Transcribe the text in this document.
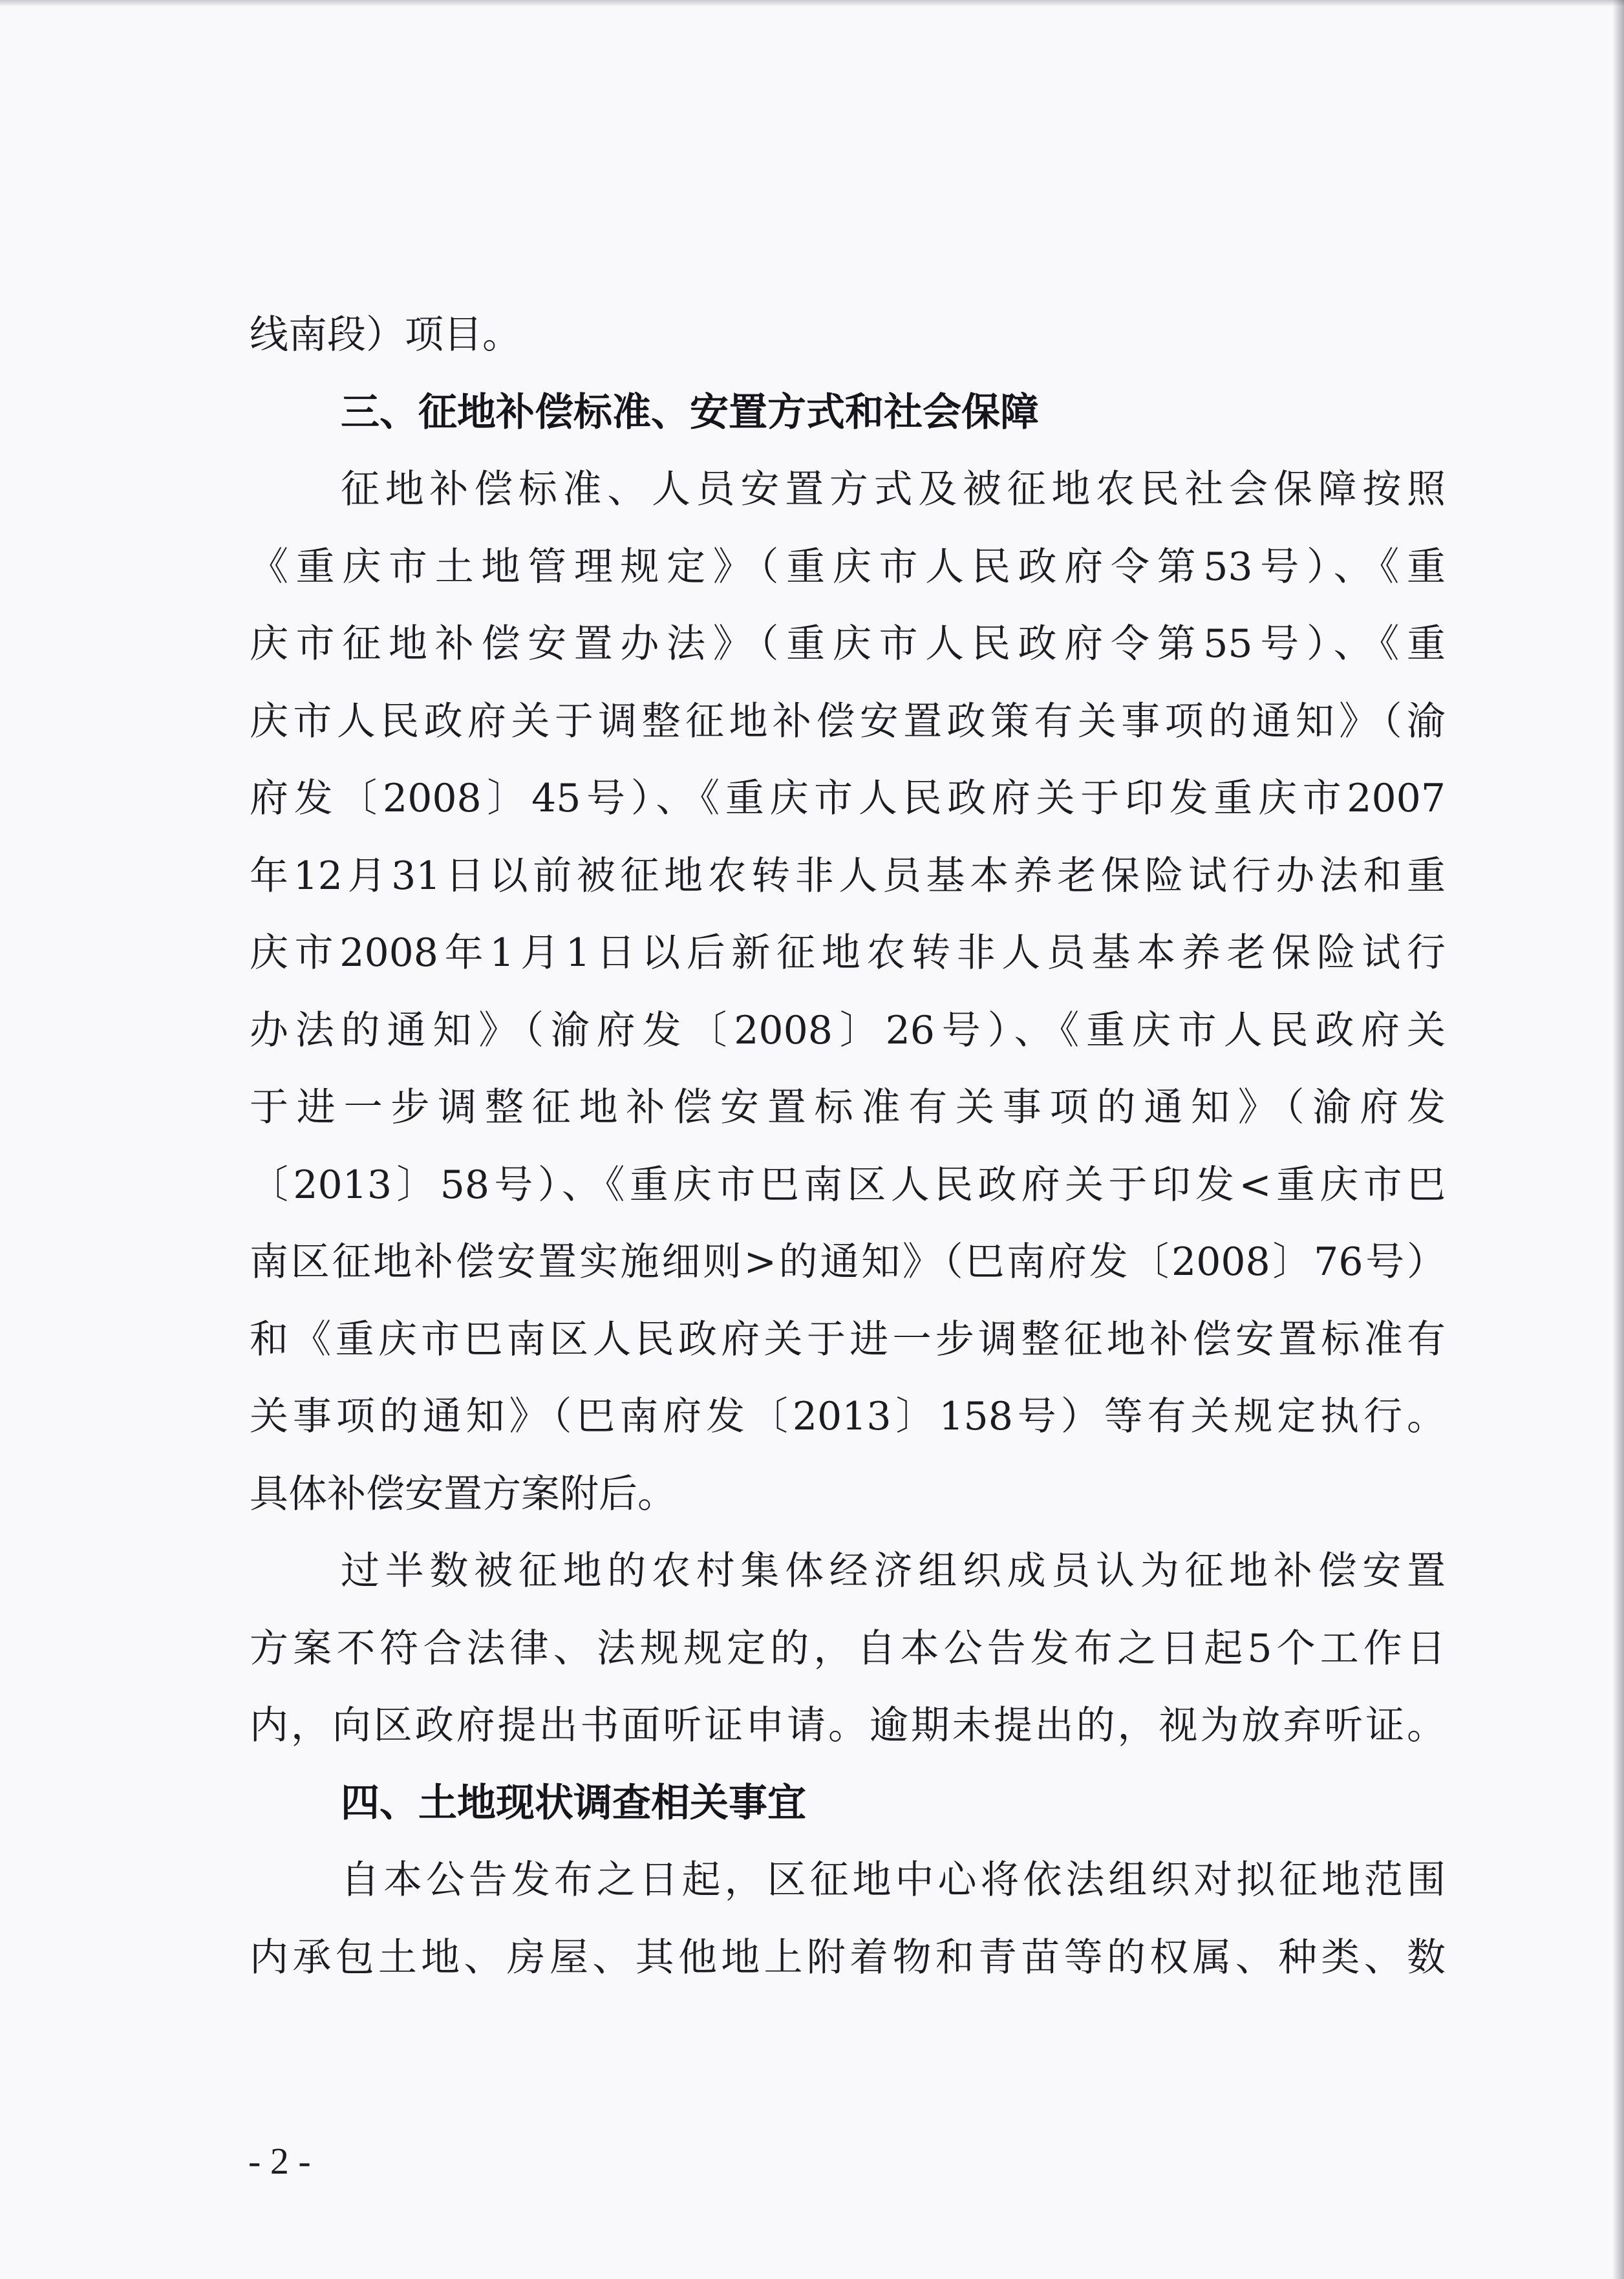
线南段）项目。
三、征地补偿标准、安置方式和社会保障
征地补偿标准、人员安置方式及被征地农民社会保障按照
《重庆市土地管理规定》（重庆市人民政府令第53号）、《重
庆市征地补偿安置办法》（重庆市人民政府令第55号）、《重
庆市人民政府关于调整征地补偿安置政策有关事项的通知》（渝
府发〔2008〕45号）、《重庆市人民政府关于印发重庆市2007
年12月31日以前被征地农转非人员基本养老保险试行办法和重
庆市2008年1月1日以后新征地农转非人员基本养老保险试行
办法的通知》（渝府发〔2008〕26号）、《重庆市人民政府关
于进一步调整征地补偿安置标准有关事项的通知》（渝府发
〔2013〕58号）、《重庆市巴南区人民政府关于印发<重庆市巴
南区征地补偿安置实施细则>的通知》（巴南府发〔2008〕76号）
和《重庆市巴南区人民政府关于进一步调整征地补偿安置标准有
关事项的通知》（巴南府发〔2013〕158号）等有关规定执行。
具体补偿安置方案附后。
过半数被征地的农村集体经济组织成员认为征地补偿安置
方案不符合法律、法规规定的，自本公告发布之日起5个工作日
内，向区政府提出书面听证申请。逾期未提出的，视为放弃听证。
四、土地现状调查相关事宜
自本公告发布之日起，区征地中心将依法组织对拟征地范围
内承包土地、房屋、其他地上附着物和青苗等的权属、种类、数
- 2 -
